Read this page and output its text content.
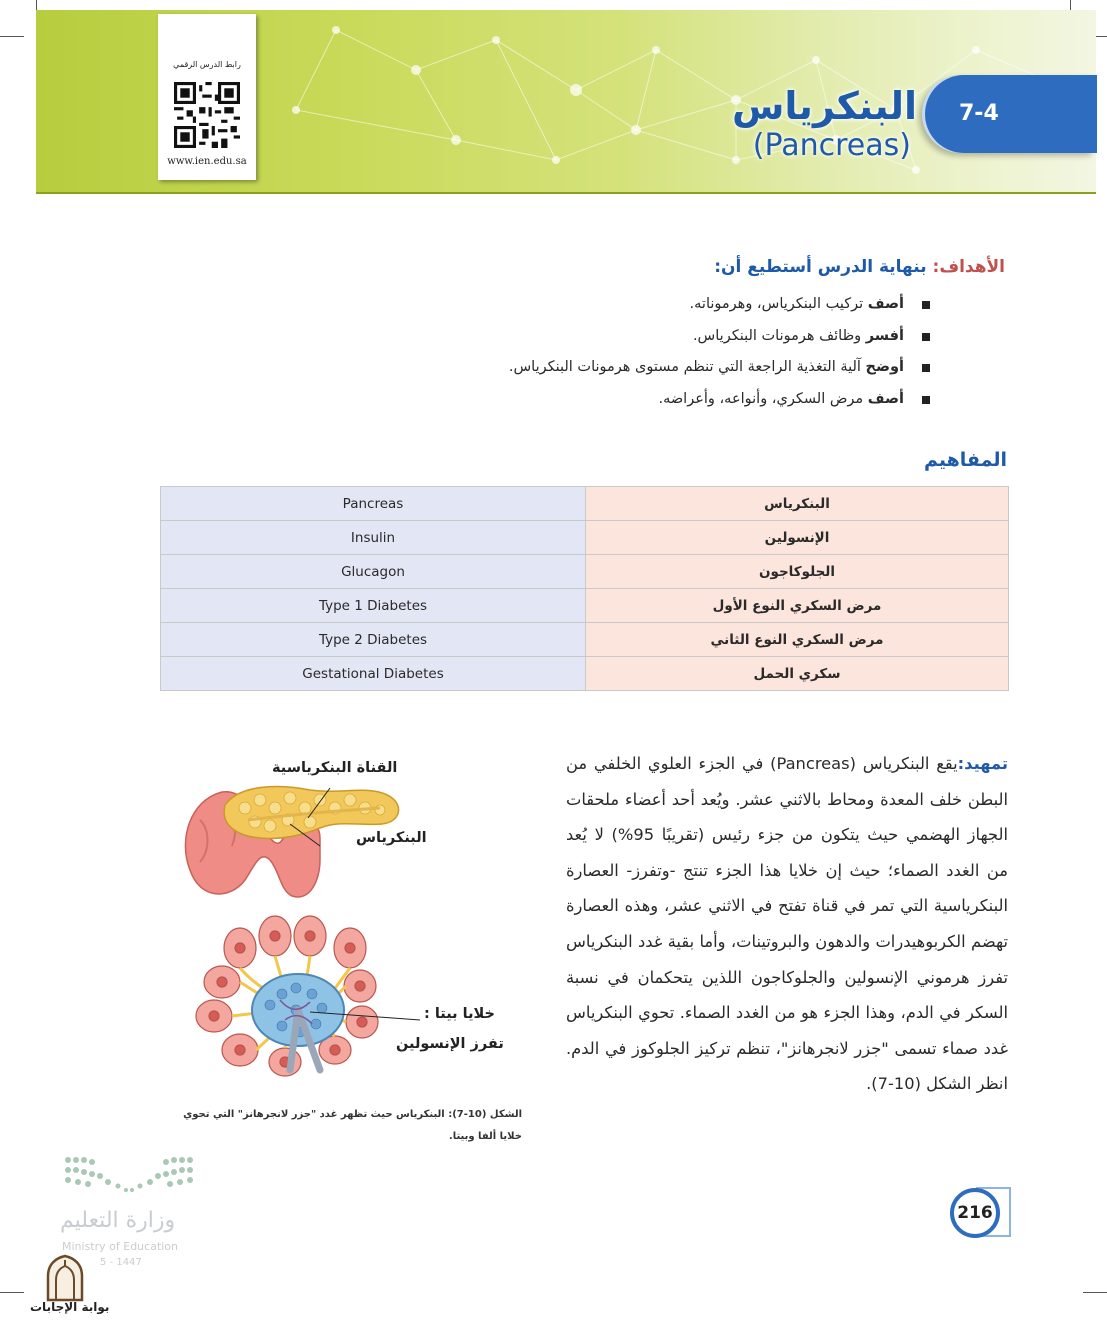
رابط الدرس الرقمي
www.ien.edu.sa
البنكرياس
(Pancreas)
7-4
الأهداف: بنهاية الدرس أستطيع أن:
أصف تركيب البنكرياس، وهرموناته.
أفسر وظائف هرمونات البنكرياس.
أوضح آلية التغذية الراجعة التي تنظم مستوى هرمونات البنكرياس.
أصف مرض السكري، وأنواعه، وأعراضه.
المفاهيم
Pancreas	البنكرياس
Insulin	الإنسولين
Glucagon	الجلوكاجون
Type 1 Diabetes	مرض السكري النوع الأول
Type 2 Diabetes	مرض السكري النوع الثاني
Gestational Diabetes	سكري الحمل
تمهيد:يقع البنكرياس (Pancreas) في الجزء العلوي الخلفي من البطن خلف المعدة ومحاط بالاثني عشر. ويُعد أحد أعضاء ملحقات الجهاز الهضمي حيث يتكون من جزء رئيس (تقريبًا 95%) لا يُعد من الغدد الصماء؛ حيث إن خلايا هذا الجزء تنتج -وتفرز- العصارة البنكرياسية التي تمر في قناة تفتح في الاثني عشر، وهذه العصارة تهضم الكربوهيدرات والدهون والبروتينات، وأما بقية غدد البنكرياس تفرز هرموني الإنسولين والجلوكاجون اللذين يتحكمان في نسبة السكر في الدم، وهذا الجزء هو من الغدد الصماء. تحوي البنكرياس غدد صماء تسمى "جزر لانجرهانز"، تنظم تركيز الجلوكوز في الدم. انظر الشكل (10-7).
القناة البنكرياسية
البنكرياس
خلايا بيتا :
تفرز الإنسولين
الشكل (10-7): البنكرياس حيث تظهر غدد "جزر لانجرهانز" التي تحوي خلايا ألفا وبيتا.
216
وزارة التعليم
Ministry of Education
5 - 1447
بوابة الإجابات
